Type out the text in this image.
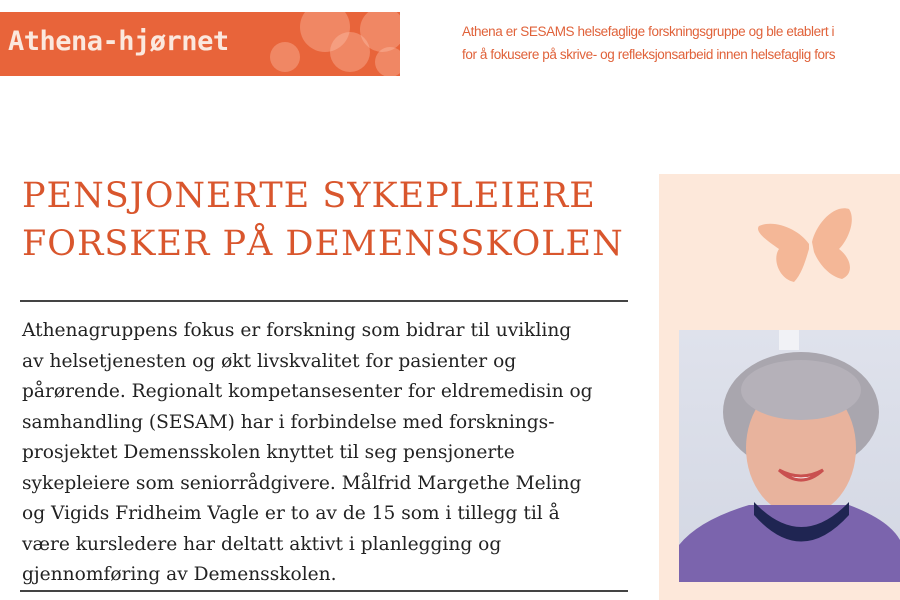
Athena-hjørnet	Athena er SESAMS helsefaglige forskningsgruppe og ble etablert i
for å fokusere på skrive- og refleksjonsarbeid innen helsefaglig fors
PENSJONERTE SYKEPLEIERE
FORSKER PÅ DEMENSSKOLEN
Athenagruppens fokus er forskning som bidrar til uvikling
av helsetjenesten og økt livskvalitet for pasienter og
pårørende. Regionalt kompetansesenter for eldremedisin og
samhandling (SESAM) har i forbindelse med forsknings-
prosjektet Demensskolen knyttet til seg pensjonerte
sykepleiere som seniorrådgivere. Målfrid Margethe Meling
og Vigids Fridheim Vagle er to av de 15 som i tillegg til å
være kursledere har deltatt aktivt i planlegging og
gjennomføring av Demensskolen.
